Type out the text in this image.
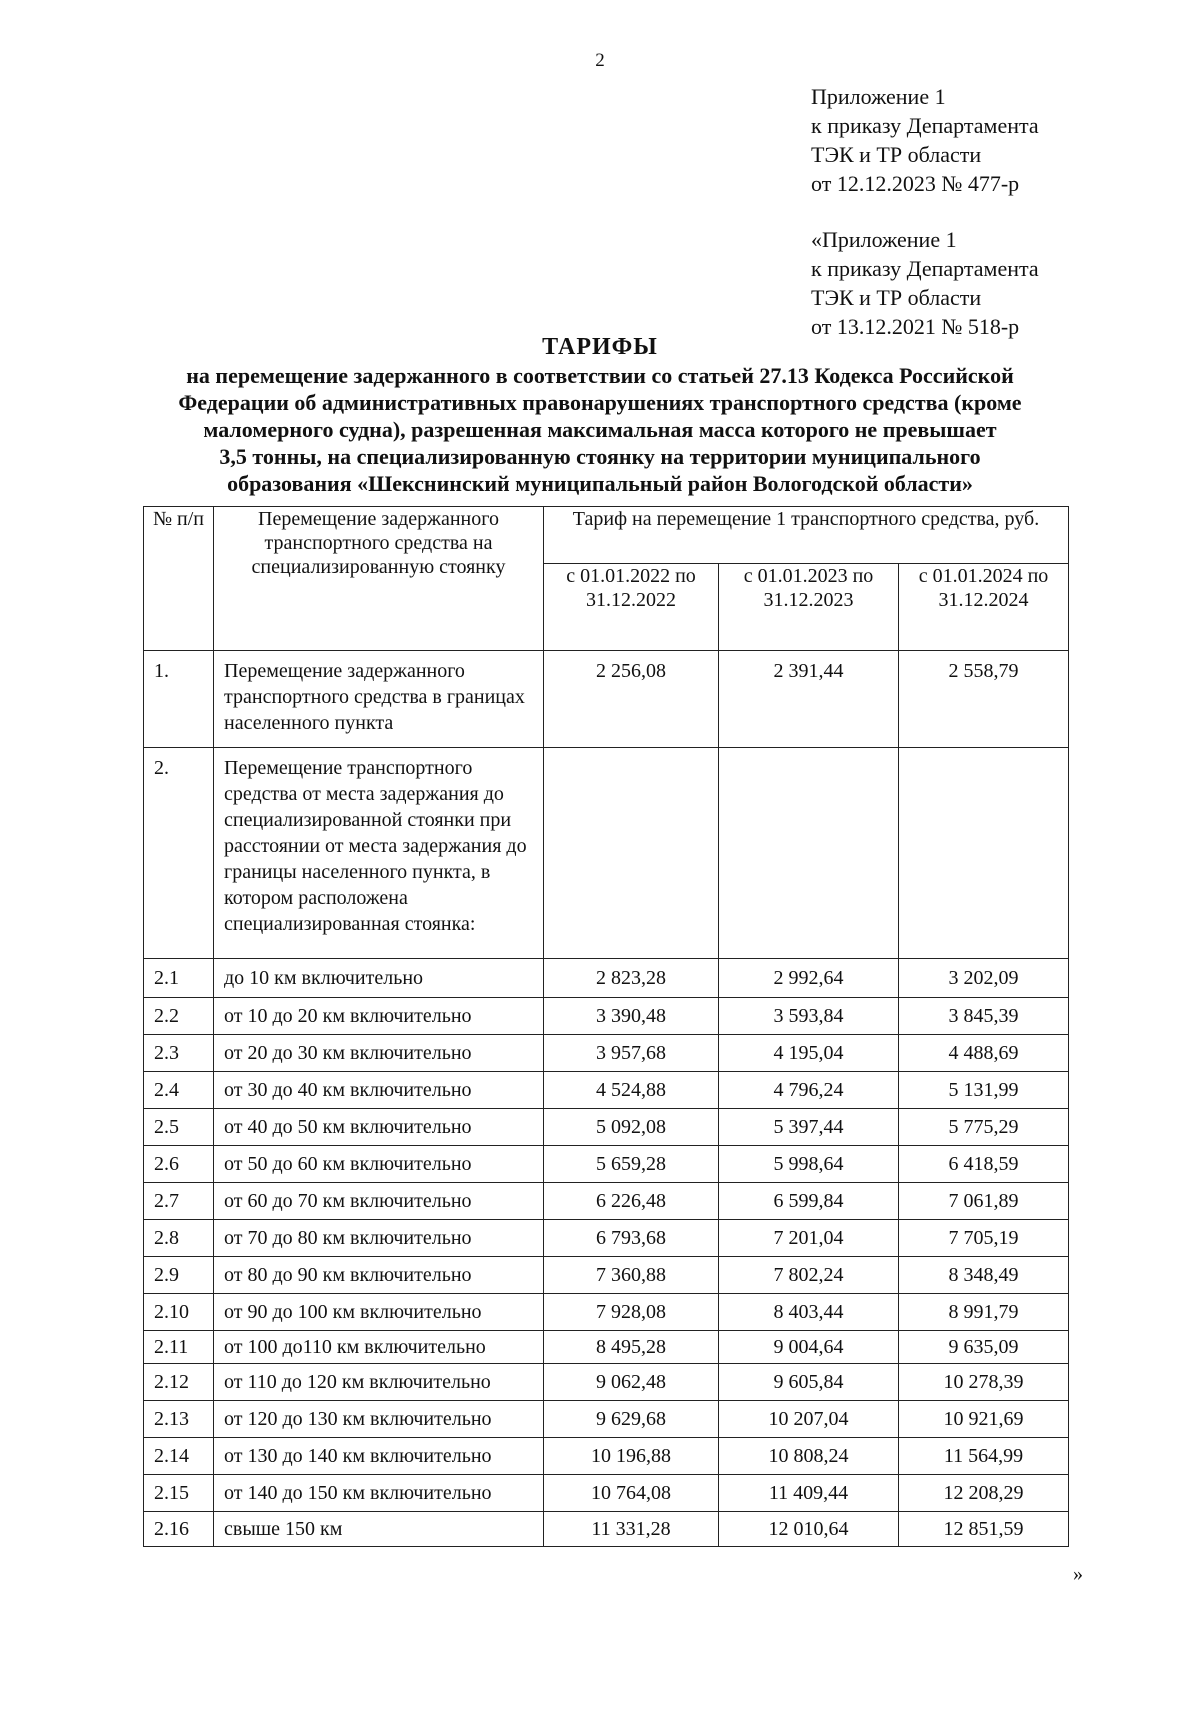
2
Приложение 1
к приказу Департамента
ТЭК и ТР области
от 12.12.2023 № 477-р
«Приложение 1
к приказу Департамента
ТЭК и ТР области
от 13.12.2021 № 518-р
ТАРИФЫ
на перемещение задержанного в соответствии со статьей 27.13 Кодекса Российской
Федерации об административных правонарушениях транспортного средства (кроме
маломерного судна), разрешенная максимальная масса которого не превышает
3,5 тонны, на специализированную стоянку на территории муниципального
образования «Шекснинский муниципальный район Вологодской области»
№ п/п	Перемещение задержанного транспортного средства на специализированную стоянку	Тариф на перемещение 1 транспортного средства, руб.		
		с 01.01.2022 по 31.12.2022	с 01.01.2023 по 31.12.2023	с 01.01.2024 по 31.12.2024
1.	Перемещение задержанного транспортного средства в границах населенного пункта	2 256,08	2 391,44	2 558,79
2.	Перемещение транспортного средства от места задержания до специализированной стоянки при расстоянии от места задержания до границы населенного пункта, в котором расположена специализированная стоянка:			
2.1	до 10 км включительно	2 823,28	2 992,64	3 202,09
2.2	от 10 до 20 км включительно	3 390,48	3 593,84	3 845,39
2.3	от 20 до 30 км включительно	3 957,68	4 195,04	4 488,69
2.4	от 30 до 40 км включительно	4 524,88	4 796,24	5 131,99
2.5	от 40 до 50 км включительно	5 092,08	5 397,44	5 775,29
2.6	от 50 до 60 км включительно	5 659,28	5 998,64	6 418,59
2.7	от 60 до 70 км включительно	6 226,48	6 599,84	7 061,89
2.8	от 70 до 80 км включительно	6 793,68	7 201,04	7 705,19
2.9	от 80 до 90 км включительно	7 360,88	7 802,24	8 348,49
2.10	от 90 до 100 км включительно	7 928,08	8 403,44	8 991,79
2.11	от 100 до110 км включительно	8 495,28	9 004,64	9 635,09
2.12	от 110 до 120 км включительно	9 062,48	9 605,84	10 278,39
2.13	от 120 до 130 км включительно	9 629,68	10 207,04	10 921,69
2.14	от 130 до 140 км включительно	10 196,88	10 808,24	11 564,99
2.15	от 140 до 150 км включительно	10 764,08	11 409,44	12 208,29
2.16	свыше 150 км	11 331,28	12 010,64	12 851,59
»
